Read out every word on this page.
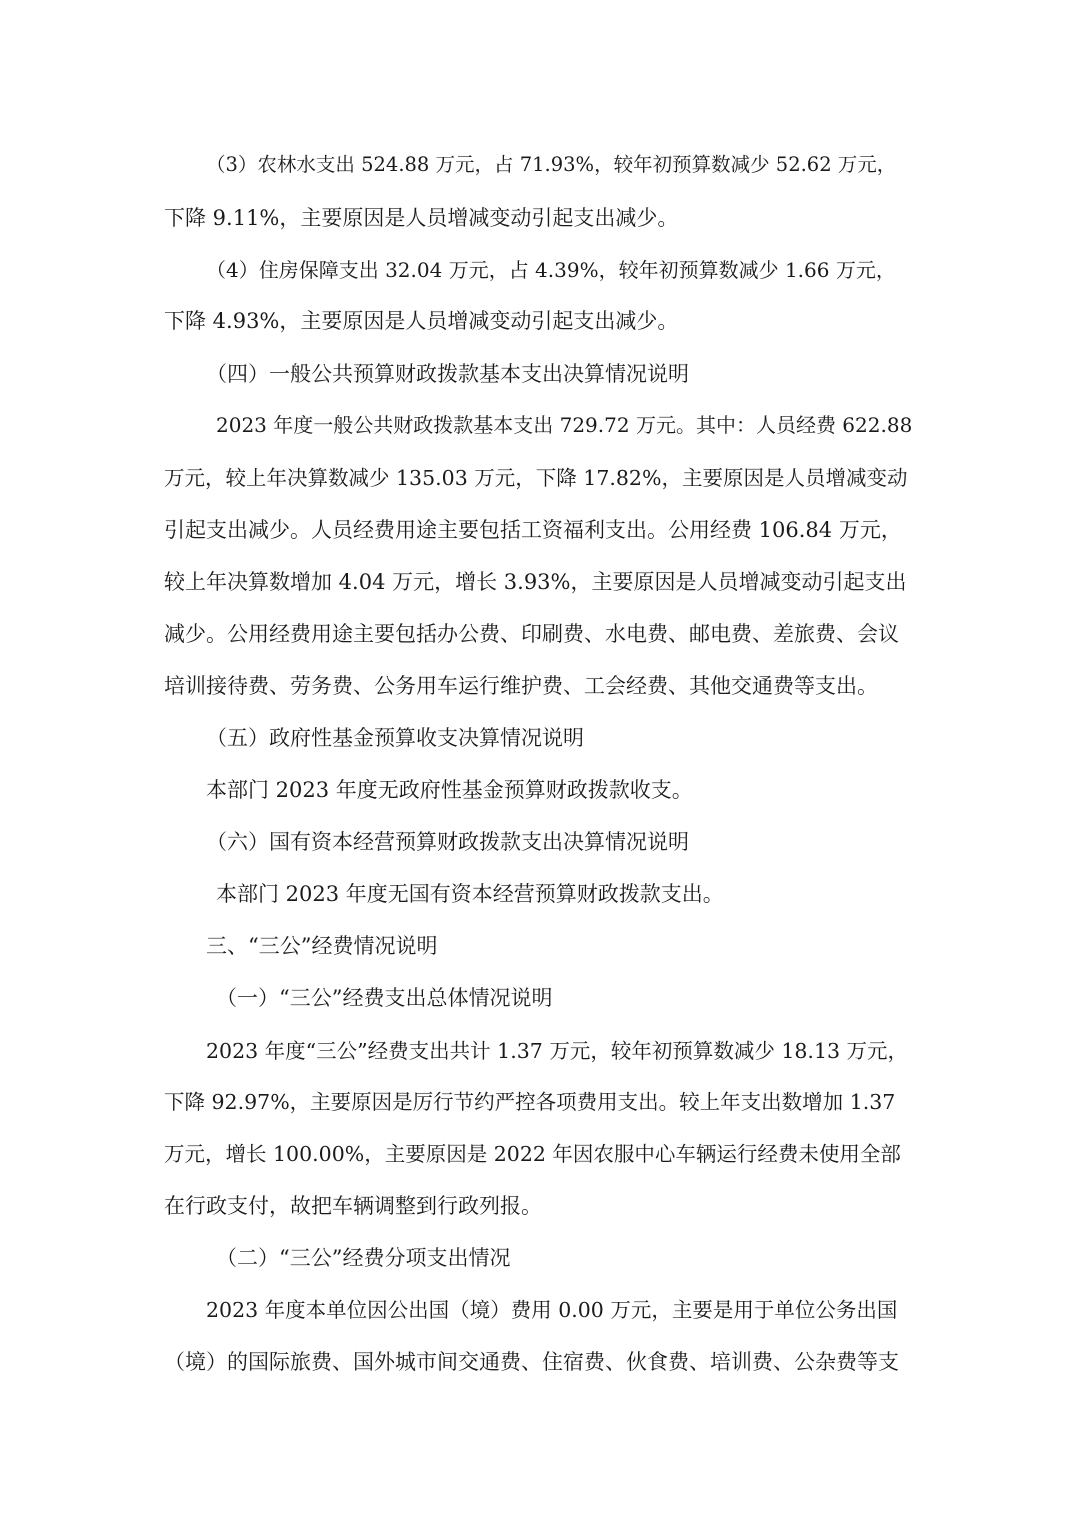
（3）农林水支出 524.88 万元，占 71.93%，较年初预算数减少 52.62 万元，

下降 9.11%，主要原因是人员增减变动引起支出减少。

（4）住房保障支出 32.04 万元，占 4.39%，较年初预算数减少 1.66 万元，

下降 4.93%，主要原因是人员增减变动引起支出减少。

（四）一般公共预算财政拨款基本支出决算情况说明

2023 年度一般公共财政拨款基本支出 729.72 万元。其中：人员经费 622.88

万元，较上年决算数减少 135.03 万元，下降 17.82%，主要原因是人员增减变动

引起支出减少。人员经费用途主要包括工资福利支出。公用经费 106.84 万元，

较上年决算数增加 4.04 万元，增长 3.93%，主要原因是人员增减变动引起支出

减少。公用经费用途主要包括办公费、印刷费、水电费、邮电费、差旅费、会议

培训接待费、劳务费、公务用车运行维护费、工会经费、其他交通费等支出。

（五）政府性基金预算收支决算情况说明

本部门 2023 年度无政府性基金预算财政拨款收支。

（六）国有资本经营预算财政拨款支出决算情况说明

本部门 2023 年度无国有资本经营预算财政拨款支出。

三、“三公”经费情况说明

（一）“三公”经费支出总体情况说明

2023 年度“三公”经费支出共计 1.37 万元，较年初预算数减少 18.13 万元，

下降 92.97%，主要原因是厉行节约严控各项费用支出。较上年支出数增加 1.37

万元，增长 100.00%，主要原因是 2022 年因农服中心车辆运行经费未使用全部

在行政支付，故把车辆调整到行政列报。

（二）“三公”经费分项支出情况

2023 年度本单位因公出国（境）费用 0.00 万元，主要是用于单位公务出国

（境）的国际旅费、国外城市间交通费、住宿费、伙食费、培训费、公杂费等支
